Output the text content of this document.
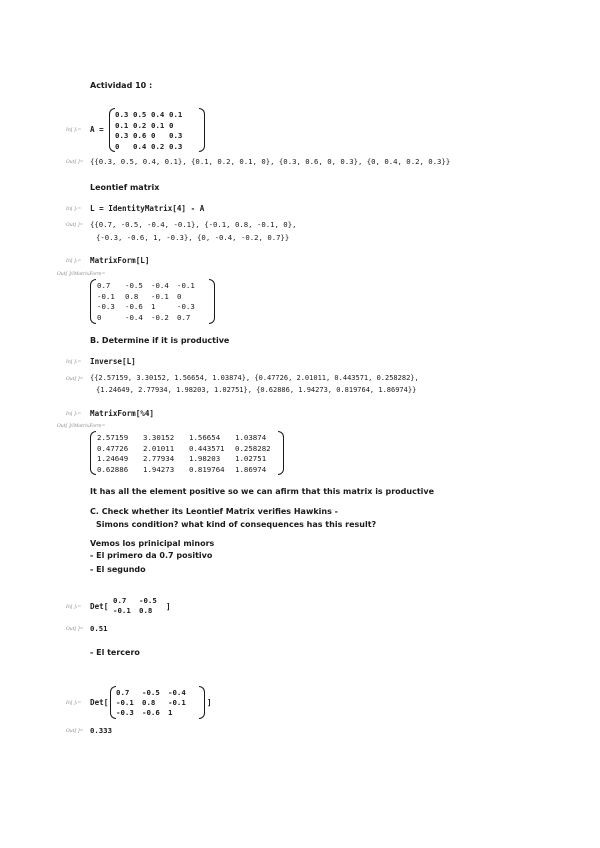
Actividad 10 :
In[ ]:= A =
0.3 0.5 0.4 0.1
0.1 0.2 0.1 0
0.3 0.6 0	0.3
0	0.4 0.2 0.3
Out[ ]= {{0.3, 0.5, 0.4, 0.1}, {0.1, 0.2, 0.1, 0}, {0.3, 0.6, 0, 0.3}, {0, 0.4, 0.2, 0.3}}
Leontief matrix
In[ ]:= L = IdentityMatrix[4] - A
Out[ ]= {{0.7, -0.5, -0.4, -0.1}, {-0.1, 0.8, -0.1, 0},
{-0.3, -0.6, 1, -0.3}, {0, -0.4, -0.2, 0.7}}
In[ ]:= MatrixForm[L]
Out[ ]//MatrixForm=
0.7	-0.5	-0.4	-0.1
-0.1	0.8	-0.1	0
-0.3	-0.6	1	-0.3
0	-0.4	-0.2	0.7
B. Determine if it is productive
In[ ]:= Inverse[L]
Out[ ]= {{2.57159, 3.30152, 1.56654, 1.03874}, {0.47726, 2.01011, 0.443571, 0.258282},
{1.24649, 2.77934, 1.98203, 1.02751}, {0.62886, 1.94273, 0.819764, 1.86974}}
In[ ]:= MatrixForm[%4]
Out[ ]//MatrixForm=
2.57159	3.30152	1.56654	1.03874
0.47726	2.01011	0.443571	0.258282
1.24649	2.77934	1.98203	1.02751
0.62886	1.94273	0.819764	1.86974
It has all the element positive so we can afirm that this matrix is productive
C. Check whether its Leontief Matrix verifies Hawkins -
Simons condition? what kind of consequences has this result?
Vemos los prinicipal minors
- El primero da 0.7 positivo
- El segundo
In[ ]:= Det[
0.7	-0.5
-0.1	0.8	]
Out[ ]= 0.51
- El tercero
In[ ]:= Det[
0.7	-0.5	-0.4
-0.1	0.8	-0.1
-0.3	-0.6	1
]
Out[ ]= 0.333
